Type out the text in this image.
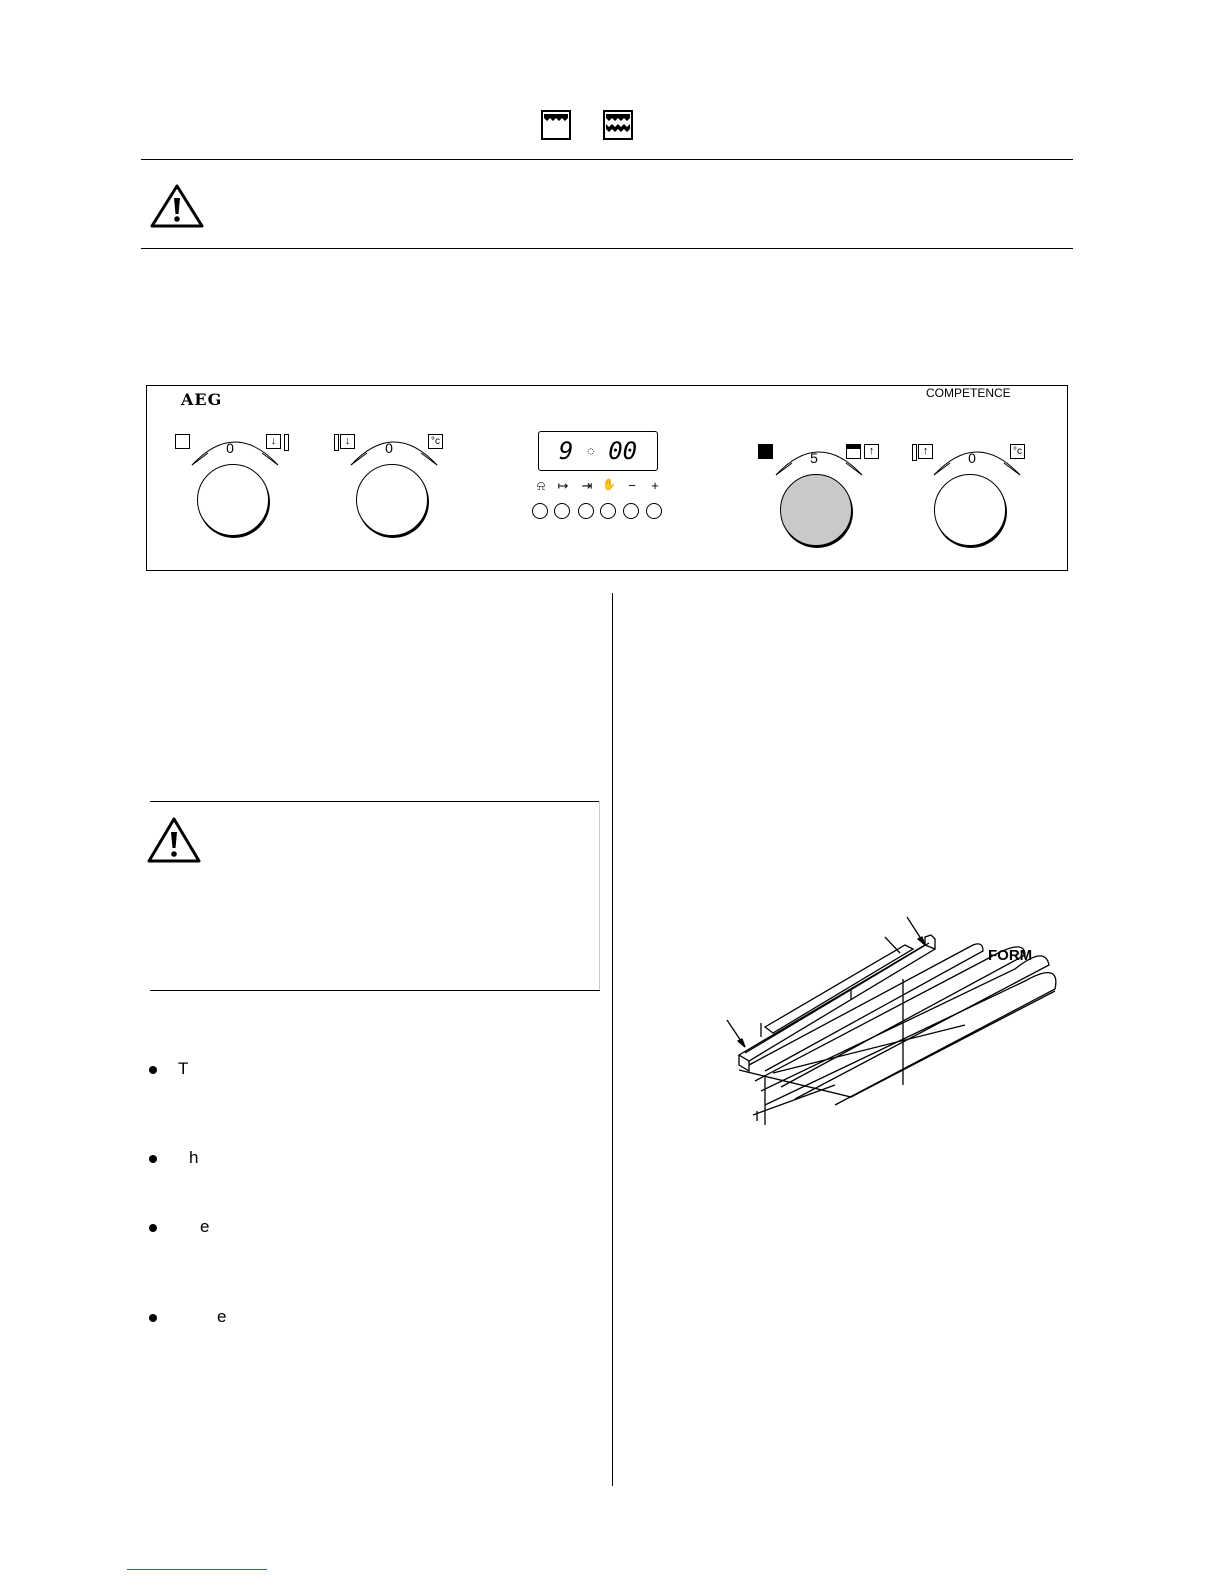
AEG	COMPETENCE
0	↓	↓	0	°c	9 ◌ 00
⍾ ↦ ⇥ ✋ −	+
5	↑	↑	0	°c
T
h
e
e
FORM
